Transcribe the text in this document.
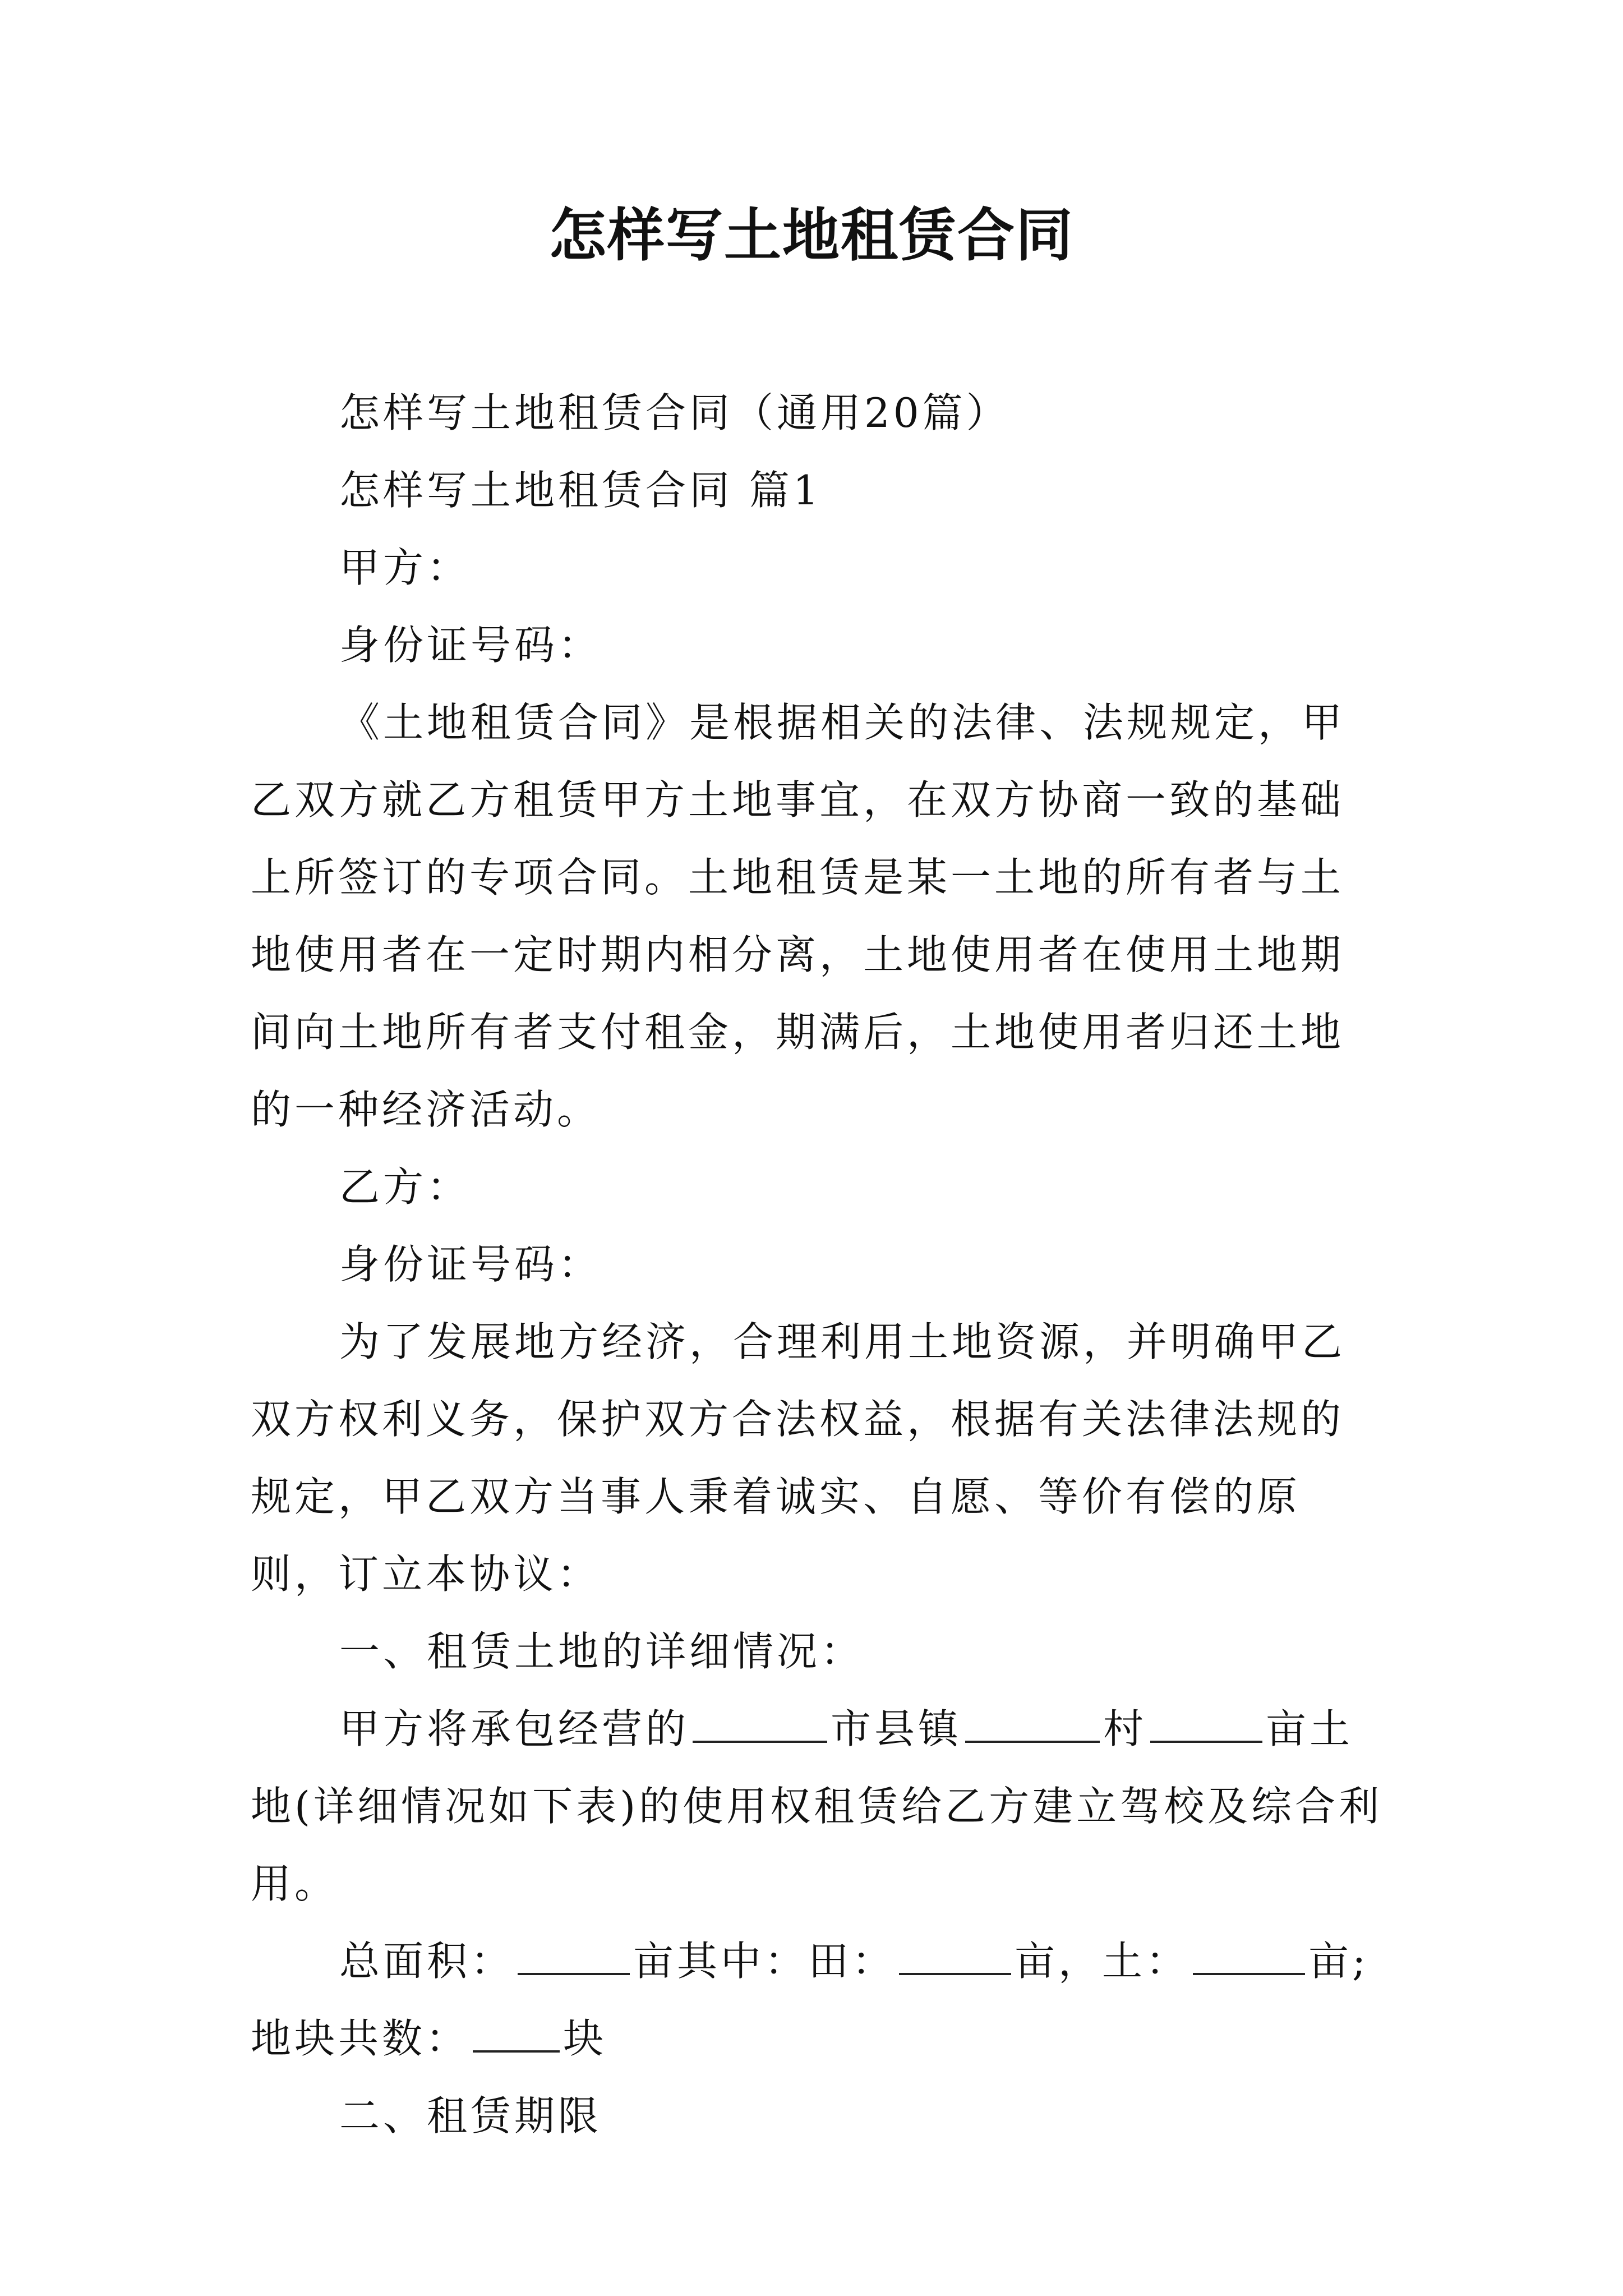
怎样写土地租赁合同

怎样写土地租赁合同（通用20篇）

怎样写土地租赁合同 篇1

甲方：

身份证号码：

《土地租赁合同》是根据相关的法律、法规规定，甲乙双方就乙方租赁甲方土地事宜，在双方协商一致的基础上所签订的专项合同。土地租赁是某一土地的所有者与土地使用者在一定时期内相分离，土地使用者在使用土地期间向土地所有者支付租金，期满后，土地使用者归还土地的一种经济活动。

乙方：

身份证号码：

为了发展地方经济，合理利用土地资源，并明确甲乙双方权利义务，保护双方合法权益，根据有关法律法规的规定，甲乙双方当事人秉着诚实、自愿、等价有偿的原则，订立本协议：

一、租赁土地的详细情况：

甲方将承包经营的	市县镇	村	亩土地(详细情况如下表)的使用权租赁给乙方建立驾校及综合利用。

总面积：	亩其中：田：	亩，土：	亩;地块共数： 块

二、租赁期限
